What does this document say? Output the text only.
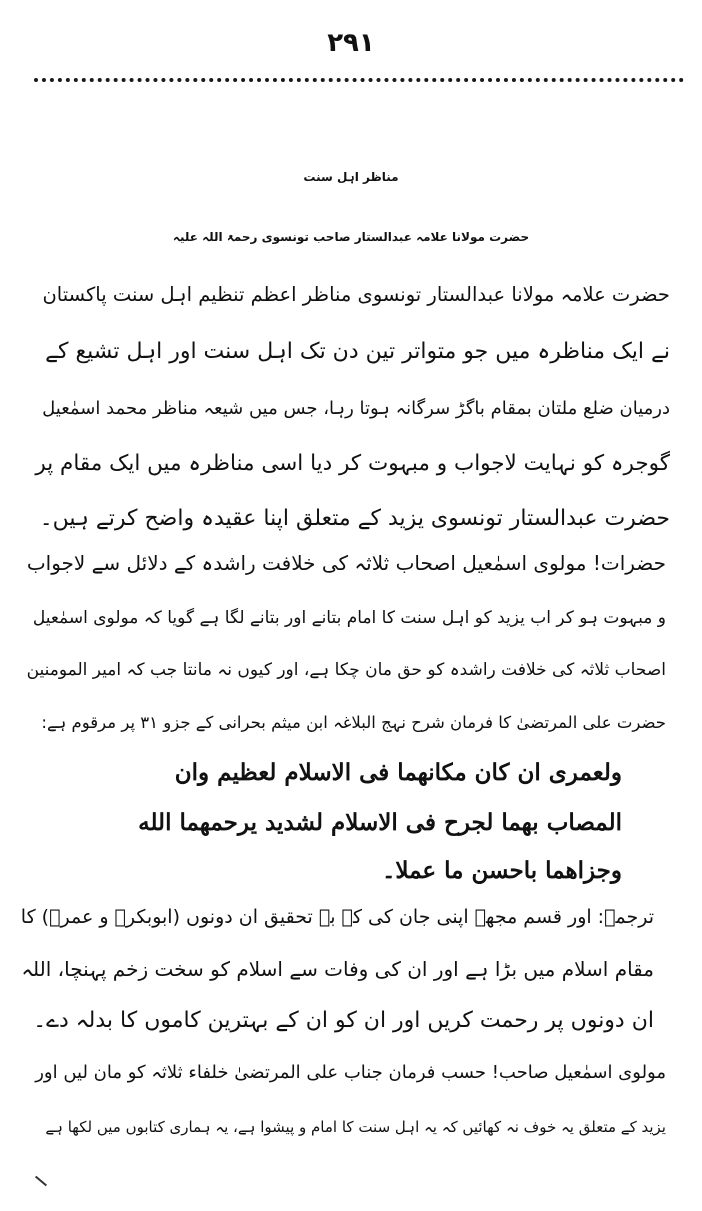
۲۹۱
مناظر اہل سنت
حضرت مولانا علامہ عبدالستار صاحب تونسوی رحمۃ اللہ علیہ
حضرت علامہ مولانا عبدالستار تونسوی مناظر اعظم تنظیم اہل سنت پاکستان
نے ایک مناظرہ میں جو متواتر تین دن تک اہل سنت اور اہل تشیع کے
درمیان ضلع ملتان بمقام باگڑ سرگانہ ہوتا رہا، جس میں شیعہ مناظر محمد اسمٰعیل
گوجرہ کو نہایت لاجواب و مبہوت کر دیا اسی مناظرہ میں ایک مقام پر
حضرت عبدالستار تونسوی یزید کے متعلق اپنا عقیدہ واضح کرتے ہیں۔
حضرات! مولوی اسمٰعیل اصحاب ثلاثہ کی خلافت راشدہ کے دلائل سے لاجواب
و مبہوت ہو کر اب یزید کو اہل سنت کا امام بتانے اور بتانے لگا ہے گویا کہ مولوی اسمٰعیل
اصحاب ثلاثہ کی خلافت راشدہ کو حق مان چکا ہے، اور کیوں نہ مانتا جب کہ امیر المومنین
حضرت علی المرتضیٰ کا فرمان شرح نہج البلاغہ ابن میثم بحرانی کے جزو ۳۱ پر مرقوم ہے:
ولعمری ان کان مکانهما فی الاسلام لعظیم وان
المصاب بهما لجرح فی الاسلام لشدید یرحمهما الله
وجزاهما باحسن ما عملا۔
ترجمہ: اور قسم مجھے اپنی جان کی کہ بہ تحقیق ان دونوں (ابوبکرؓ و عمرؓ) کا
مقام اسلام میں بڑا ہے اور ان کی وفات سے اسلام کو سخت زخم پہنچا، اللہ
ان دونوں پر رحمت کریں اور ان کو ان کے بہترین کاموں کا بدلہ دے۔
مولوی اسمٰعیل صاحب! حسب فرمان جناب علی المرتضیٰ خلفاء ثلاثہ کو مان لیں اور
یزید کے متعلق یہ خوف نہ کھائیں کہ یہ اہل سنت کا امام و پیشوا ہے، یہ ہماری کتابوں میں لکھا ہے
